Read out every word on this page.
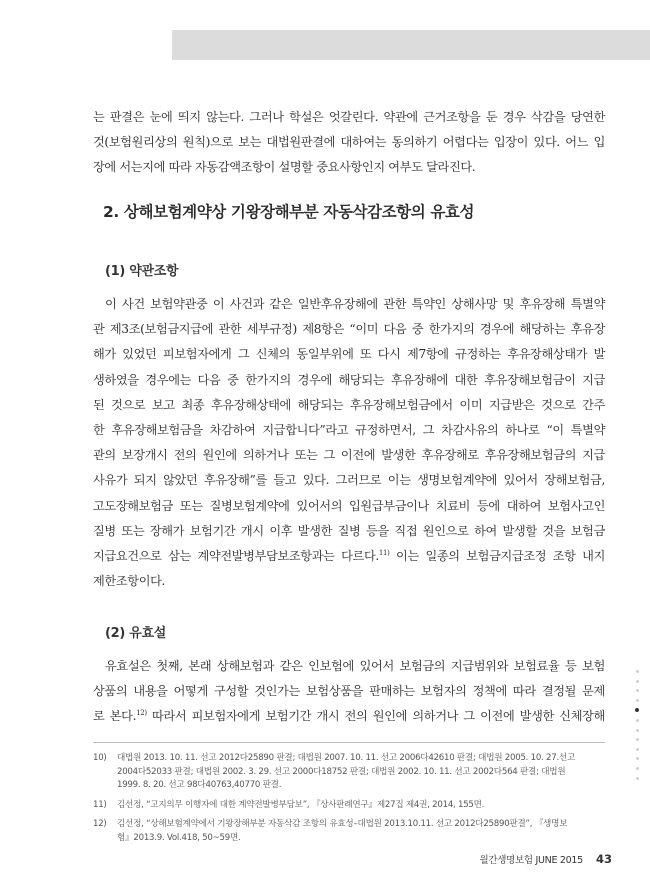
는 판결은 눈에 띄지 않는다. 그러나 학설은 엇갈린다. 약관에 근거조항을 둔 경우 삭감을 당연한

것(보험원리상의 원칙)으로 보는 대법원판결에 대하여는 동의하기 어렵다는 입장이 있다. 어느 입

장에 서는지에 따라 자동감액조항이 설명할 중요사항인지 여부도 달라진다.

2. 상해보험계약상 기왕장해부분 자동삭감조항의 유효성
(1) 약관조항

이 사건 보험약관중 이 사건과 같은 일반후유장해에 관한 특약인 상해사망 및 후유장해 특별약

관 제3조(보험금지급에 관한 세부규정) 제8항은 “이미 다음 중 한가지의 경우에 해당하는 후유장

해가 있었던 피보험자에게 그 신체의 동일부위에 또 다시 제7항에 규정하는 후유장해상태가 발

생하였을 경우에는 다음 중 한가지의 경우에 해당되는 후유장해에 대한 후유장해보험금이 지급

된 것으로 보고 최종 후유장해상태에 해당되는 후유장해보험금에서 이미 지급받은 것으로 간주

한 후유장해보험금을 차감하여 지급합니다”라고 규정하면서, 그 차감사유의 하나로 “이 특별약

관의 보장개시 전의 원인에 의하거나 또는 그 이전에 발생한 후유장해로 후유장해보험금의 지급

사유가 되지 않았던 후유장해”를 들고 있다. 그러므로 이는 생명보험계약에 있어서 장해보험금,

고도장해보험금 또는 질병보험계약에 있어서의 입원급부금이나 치료비 등에 대하여 보험사고인

질병 또는 장해가 보험기간 개시 이후 발생한 질병 등을 직접 원인으로 하여 발생할 것을 보험금

지급요건으로 삼는 계약전발병부담보조항과는 다르다.$^{11)}$ 이는 일종의 보험금지급조정 조항 내지

제한조항이다.

(2) 유효설

유효설은 첫째, 본래 상해보험과 같은 인보험에 있어서 보험금의 지급범위와 보험료율 등 보험

상품의 내용을 어떻게 구성할 것인가는 보험상품을 판매하는 보험자의 정책에 따라 결정될 문제

로 본다.$^{12)}$ 따라서 피보험자에게 보험기간 개시 전의 원인에 의하거나 그 이전에 발생한 신체장해

10) 대법원 2013. 10. 11. 선고 2012다25890 판결; 대법원 2007. 10. 11. 선고 2006다42610 판결; 대법원 2005. 10. 27.선고
2004다52033 판결; 대법원 2002. 3. 29. 선고 2000다18752 판결; 대법원 2002. 10. 11. 선고 2002다564 판결; 대법원
1999. 8. 20. 선고 98다40763,40770 판결.
11) 김선정, “고지의무 이행자에 대한 계약전발병부담보”, 『상사판례연구』제27집 제4권, 2014, 155면.
12) 김선정, “상해보험계약에서 기왕장해부분 자동삭감 조항의 유효성–대법원 2013.10.11. 선고 2012다25890판결”, 『생명보
험』2013.9. Vol.418, 50~59면.
월간생명보험 JUNE 2015 43
